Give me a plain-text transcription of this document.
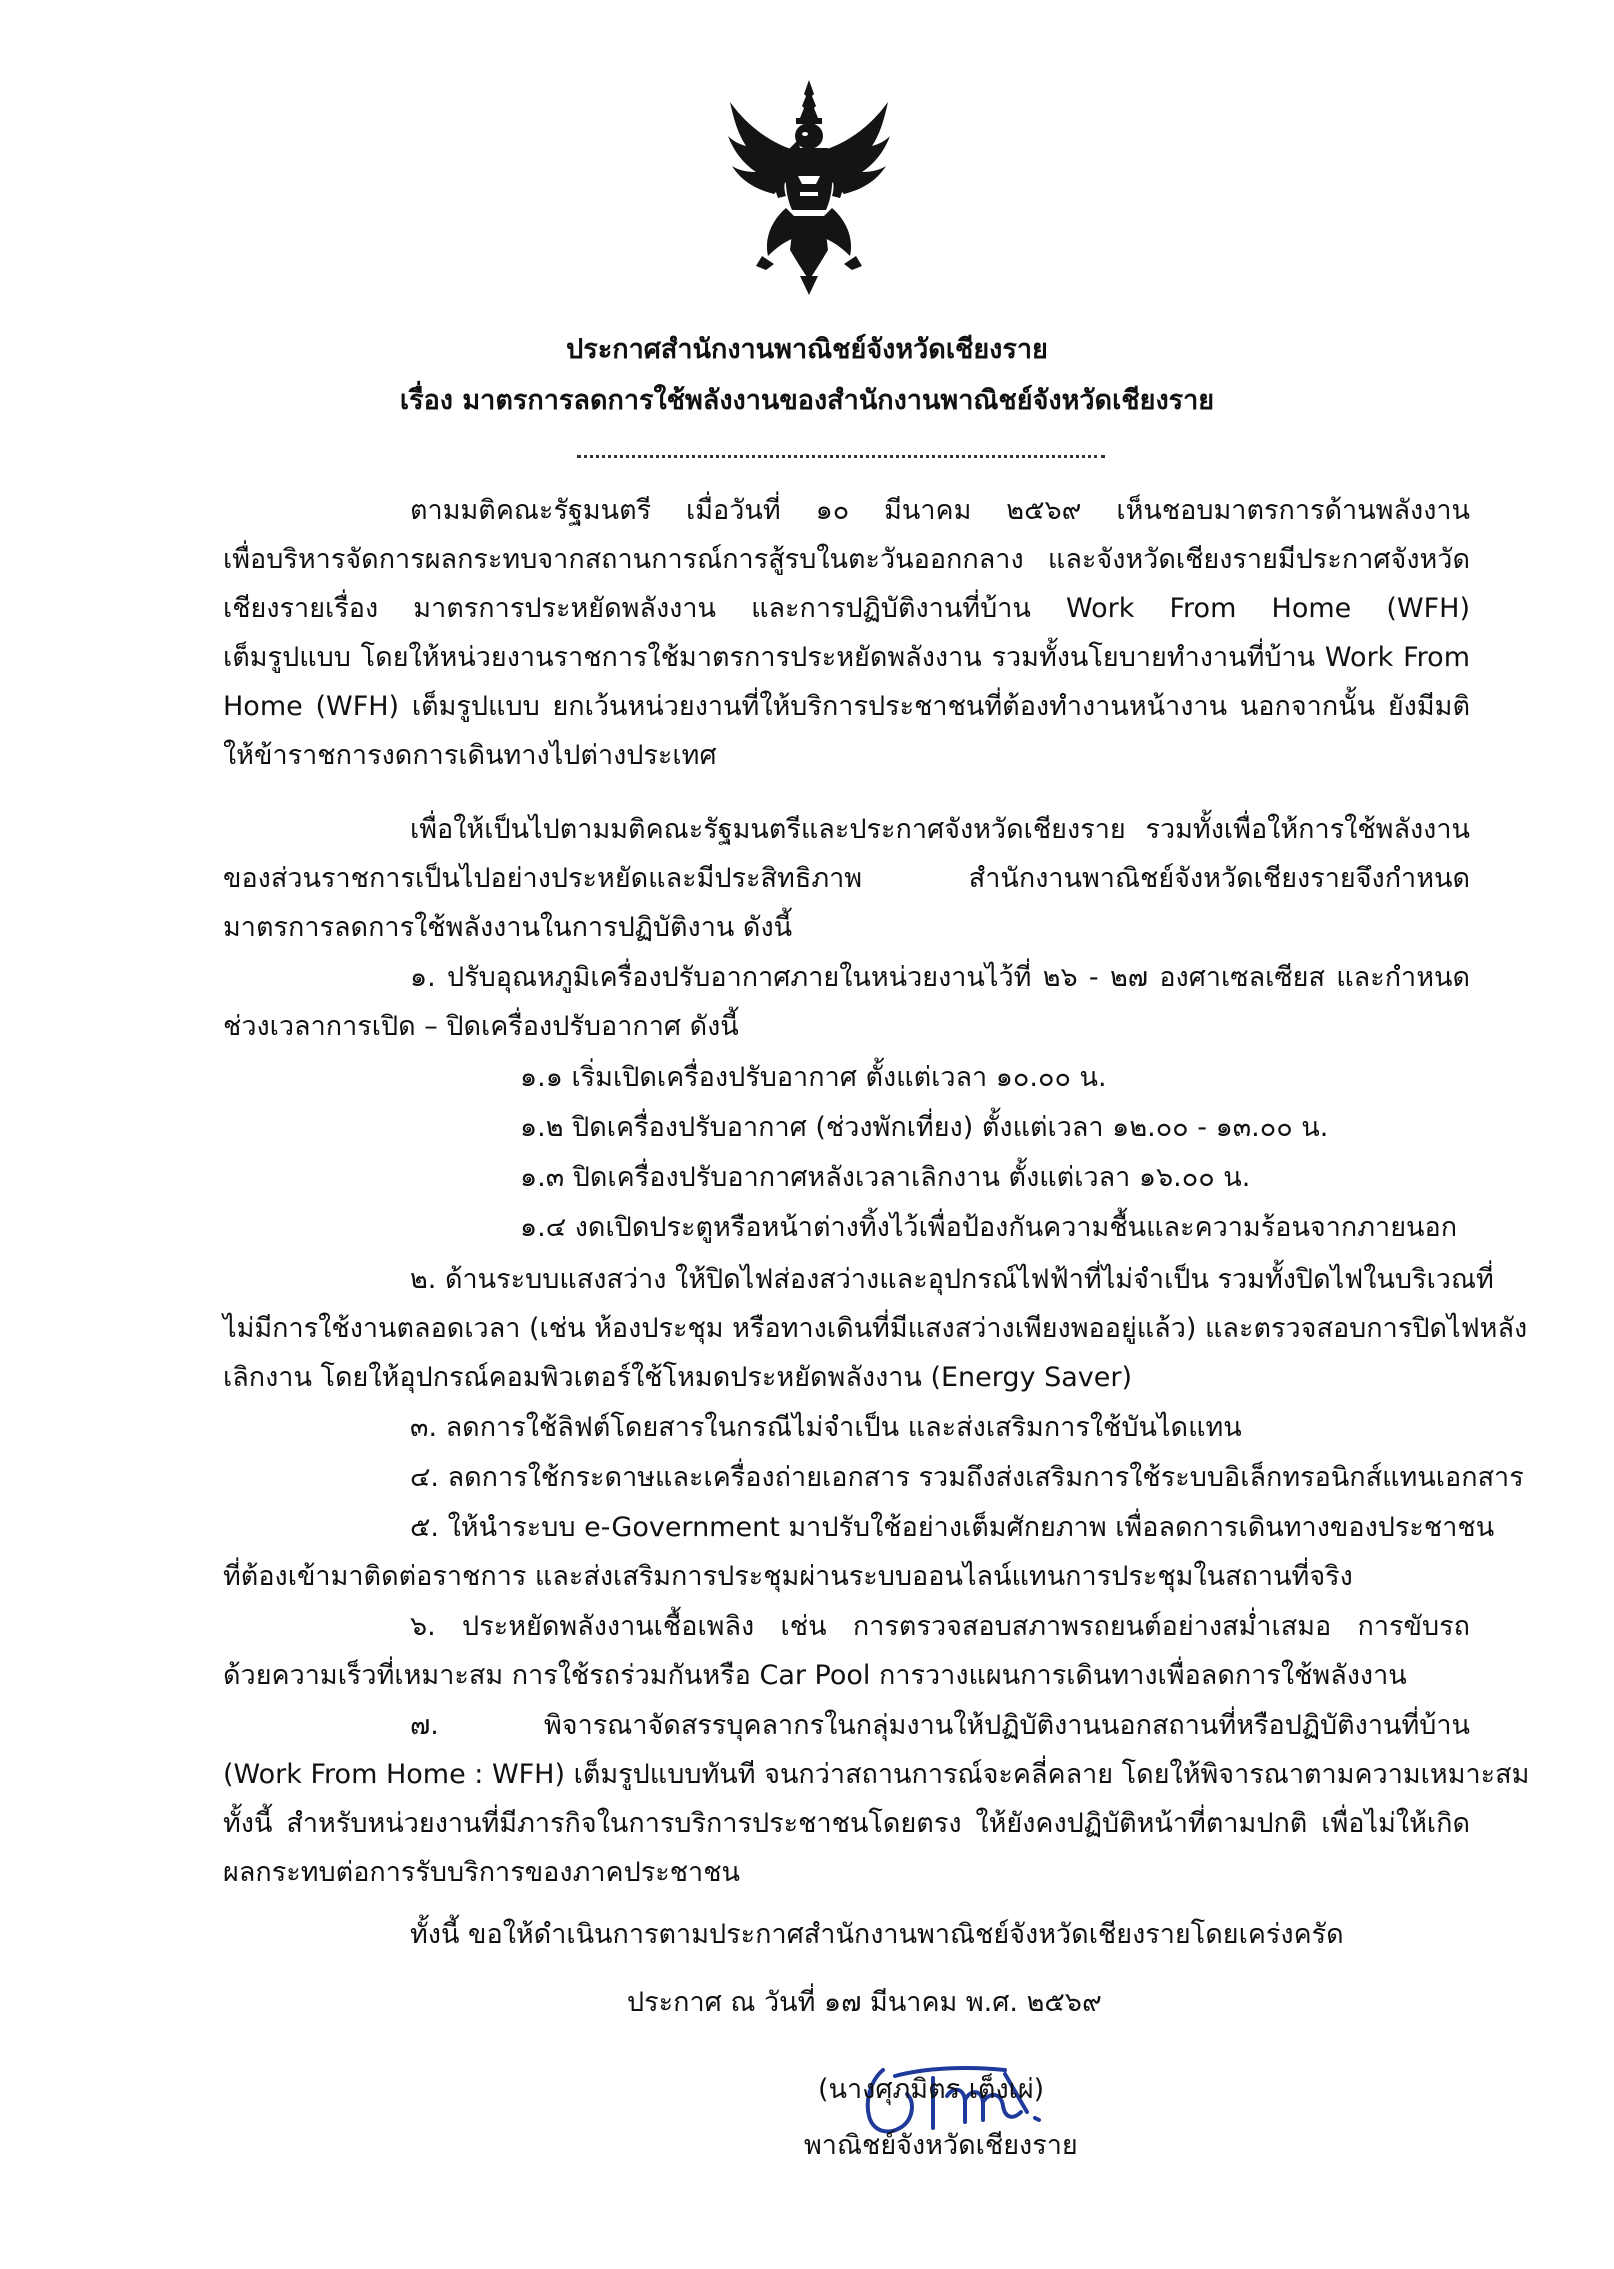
ประกาศสำนักงานพาณิชย์จังหวัดเชียงราย
เรื่อง มาตรการลดการใช้พลังงานของสำนักงานพาณิชย์จังหวัดเชียงราย
ตามมติคณะรัฐมนตรี เมื่อวันที่ ๑๐ มีนาคม ๒๕๖๙ เห็นชอบมาตรการด้านพลังงาน
เพื่อบริหารจัดการผลกระทบจากสถานการณ์การสู้รบในตะวันออกกลาง และจังหวัดเชียงรายมีประกาศจังหวัด
เชียงรายเรื่อง มาตรการประหยัดพลังงาน และการปฏิบัติงานที่บ้าน Work From Home (WFH)
เต็มรูปแบบ โดยให้หน่วยงานราชการใช้มาตรการประหยัดพลังงาน รวมทั้งนโยบายทำงานที่บ้าน Work From
Home (WFH) เต็มรูปแบบ ยกเว้นหน่วยงานที่ให้บริการประชาชนที่ต้องทำงานหน้างาน นอกจากนั้น ยังมีมติ
ให้ข้าราชการงดการเดินทางไปต่างประเทศ
เพื่อให้เป็นไปตามมติคณะรัฐมนตรีและประกาศจังหวัดเชียงราย รวมทั้งเพื่อให้การใช้พลังงาน
ของส่วนราชการเป็นไปอย่างประหยัดและมีประสิทธิภาพ สำนักงานพาณิชย์จังหวัดเชียงรายจึงกำหนด
มาตรการลดการใช้พลังงานในการปฏิบัติงาน ดังนี้
๑. ปรับอุณหภูมิเครื่องปรับอากาศภายในหน่วยงานไว้ที่ ๒๖ - ๒๗ องศาเซลเซียส และกำหนด
ช่วงเวลาการเปิด – ปิดเครื่องปรับอากาศ ดังนี้
๑.๑ เริ่มเปิดเครื่องปรับอากาศ ตั้งแต่เวลา ๑๐.๐๐ น.
๑.๒ ปิดเครื่องปรับอากาศ (ช่วงพักเที่ยง) ตั้งแต่เวลา ๑๒.๐๐ - ๑๓.๐๐ น.
๑.๓ ปิดเครื่องปรับอากาศหลังเวลาเลิกงาน ตั้งแต่เวลา ๑๖.๐๐ น.
๑.๔ งดเปิดประตูหรือหน้าต่างทิ้งไว้เพื่อป้องกันความชื้นและความร้อนจากภายนอก
๒. ด้านระบบแสงสว่าง ให้ปิดไฟส่องสว่างและอุปกรณ์ไฟฟ้าที่ไม่จำเป็น รวมทั้งปิดไฟในบริเวณที่
ไม่มีการใช้งานตลอดเวลา (เช่น ห้องประชุม หรือทางเดินที่มีแสงสว่างเพียงพออยู่แล้ว) และตรวจสอบการปิดไฟหลัง
เลิกงาน โดยให้อุปกรณ์คอมพิวเตอร์ใช้โหมดประหยัดพลังงาน (Energy Saver)
๓. ลดการใช้ลิฟต์โดยสารในกรณีไม่จำเป็น และส่งเสริมการใช้บันไดแทน
๔. ลดการใช้กระดาษและเครื่องถ่ายเอกสาร รวมถึงส่งเสริมการใช้ระบบอิเล็กทรอนิกส์แทนเอกสาร
๕. ให้นำระบบ e-Government มาปรับใช้อย่างเต็มศักยภาพ เพื่อลดการเดินทางของประชาชน
ที่ต้องเข้ามาติดต่อราชการ และส่งเสริมการประชุมผ่านระบบออนไลน์แทนการประชุมในสถานที่จริง
๖. ประหยัดพลังงานเชื้อเพลิง เช่น การตรวจสอบสภาพรถยนต์อย่างสม่ำเสมอ การขับรถ
ด้วยความเร็วที่เหมาะสม การใช้รถร่วมกันหรือ Car Pool การวางแผนการเดินทางเพื่อลดการใช้พลังงาน
๗. พิจารณาจัดสรรบุคลากรในกลุ่มงานให้ปฏิบัติงานนอกสถานที่หรือปฏิบัติงานที่บ้าน
(Work From Home : WFH) เต็มรูปแบบทันที จนกว่าสถานการณ์จะคลี่คลาย โดยให้พิจารณาตามความเหมาะสม
ทั้งนี้ สำหรับหน่วยงานที่มีภารกิจในการบริการประชาชนโดยตรง ให้ยังคงปฏิบัติหน้าที่ตามปกติ เพื่อไม่ให้เกิด
ผลกระทบต่อการรับบริการของภาคประชาชน
ทั้งนี้ ขอให้ดำเนินการตามประกาศสำนักงานพาณิชย์จังหวัดเชียงรายโดยเคร่งครัด
ประกาศ ณ วันที่ ๑๗ มีนาคม พ.ศ. ๒๕๖๙
(นางศุภมิตร เต็งเผ่)
พาณิชย์จังหวัดเชียงราย
